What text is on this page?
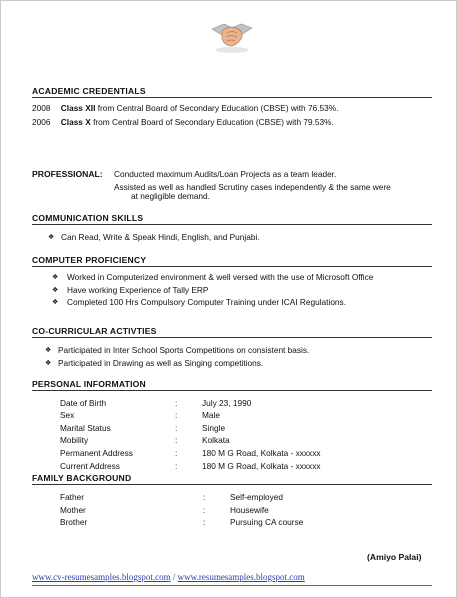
ACADEMIC CREDENTIALS
2008 Class XII from Central Board of Secondary Education (CBSE) with 76.53%.
2006 Class X from Central Board of Secondary Education (CBSE) with 79.53%.
PROFESSIONAL: Conducted maximum Audits/Loan Projects as a team leader.
Assisted as well as handled Scrutiny cases independently & the same were
at negligible demand.
COMMUNICATION SKILLS
❖ Can Read, Write & Speak Hindi, English, and Punjabi.
COMPUTER PROFICIENCY
❖ Worked in Computerized environment & well versed with the use of Microsoft Office
❖ Have working Experience of Tally ERP
❖ Completed 100 Hrs Compulsory Computer Training under ICAI Regulations.
CO-CURRICULAR ACTIVTIES
❖ Participated in Inter School Sports Competitions on consistent basis.
❖ Participated in Drawing as well as Singing competitions.
PERSONAL INFORMATION
Date of Birth	:	July 23, 1990
Sex	:	Male
Marital Status	:	Single
Mobility	:	Kolkata
Permanent Address	:	180 M G Road, Kolkata - xxxxxx
Current Address	:	180 M G Road, Kolkata - xxxxxx
FAMILY BACKGROUND
Father	:	Self-employed
Mother	:	Housewife
Brother	:	Pursuing CA course
(Amiyo Palai)
www.cv-resumesamples.blogspot.com / www.resumesamples.blogspot.com
